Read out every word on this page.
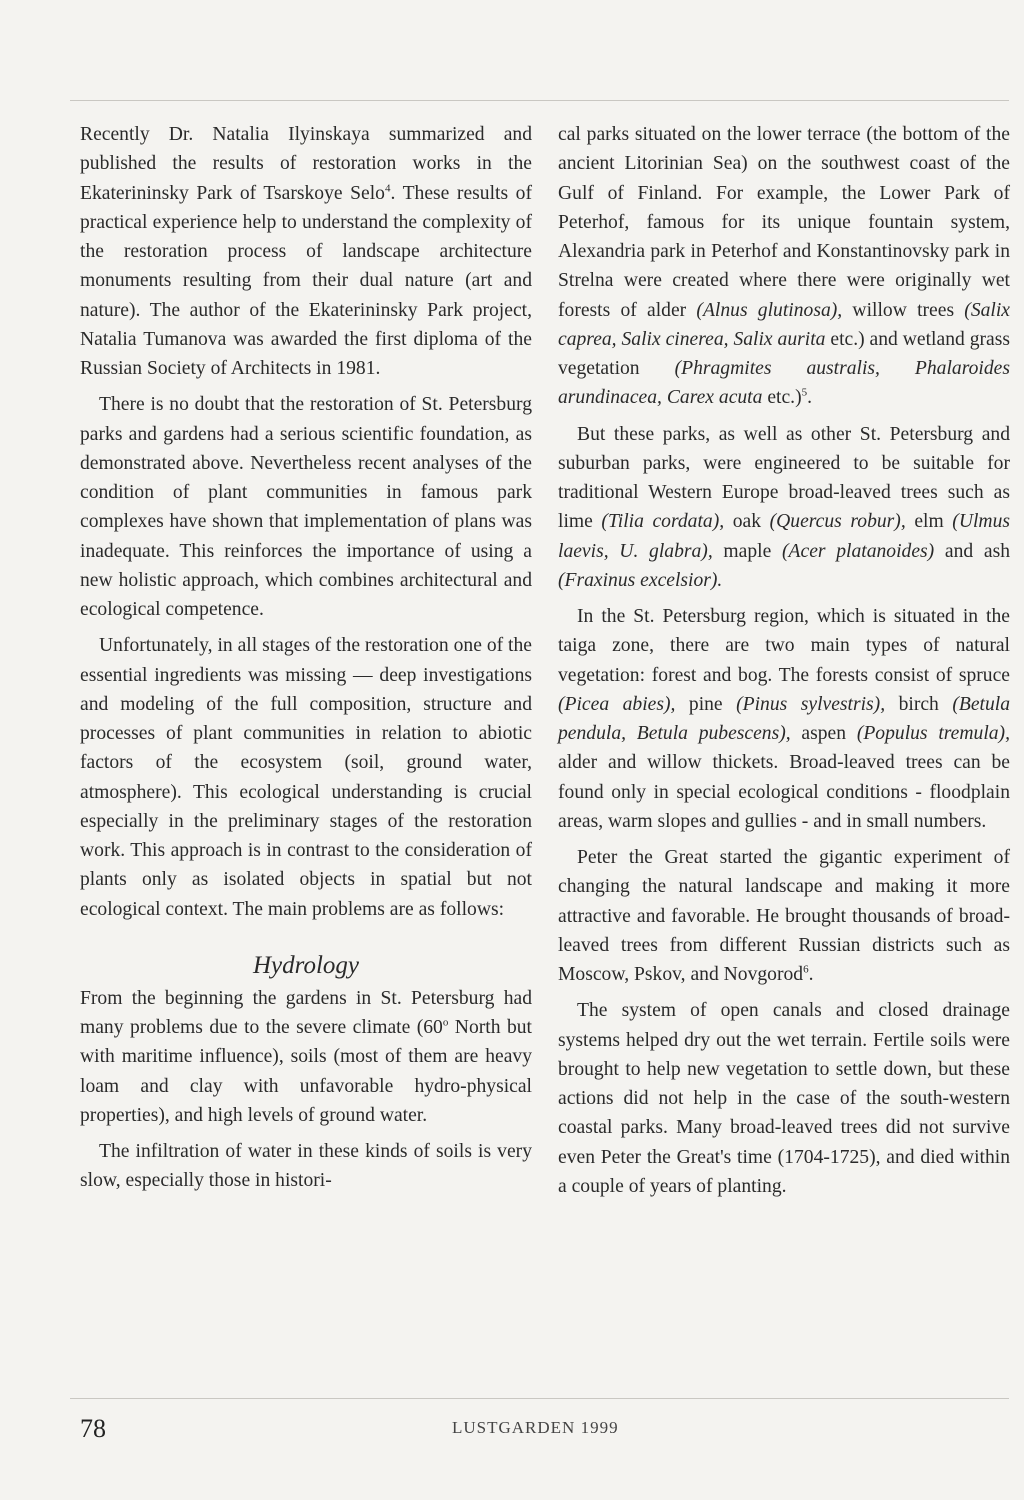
Recently Dr. Natalia Ilyinskaya summarized and published the results of restoration works in the Ekaterininsky Park of Tsarskoye Selo$^4$. These results of practical experience help to understand the complexity of the restoration process of landscape architecture monuments resulting from their dual nature (art and nature). The author of the Ekaterininsky Park project, Natalia Tumanova was awarded the first diploma of the Russian Society of Architects in 1981.

There is no doubt that the restoration of St. Petersburg parks and gardens had a serious scientific foundation, as demonstrated above. Nevertheless recent analyses of the condition of plant communities in famous park complexes have shown that implementation of plans was inadequate. This reinforces the importance of using a new holistic approach, which combines architectural and ecological competence.

Unfortunately, in all stages of the restoration one of the essential ingredients was missing — deep investigations and modeling of the full composition, structure and processes of plant communities in relation to abiotic factors of the ecosystem (soil, ground water, atmosphere). This ecological understanding is crucial especially in the preliminary stages of the restoration work. This approach is in contrast to the consideration of plants only as isolated objects in spatial but not ecological context. The main problems are as follows:

Hydrology

From the beginning the gardens in St. Petersburg had many problems due to the severe climate (60$^o$ North but with maritime influence), soils (most of them are heavy loam and clay with unfavorable hydro-physical properties), and high levels of ground water.

The infiltration of water in these kinds of soils is very slow, especially those in histori-

cal parks situated on the lower terrace (the bottom of the ancient Litorinian Sea) on the southwest coast of the Gulf of Finland. For example, the Lower Park of Peterhof, famous for its unique fountain system, Alexandria park in Peterhof and Konstantinovsky park in Strelna were created where there were originally wet forests of alder (Alnus glutinosa), willow trees (Salix caprea, Salix cinerea, Salix aurita etc.) and wetland grass vegetation (Phragmites australis, Phalaroides arundinacea, Carex acuta etc.)$^5$.

But these parks, as well as other St. Petersburg and suburban parks, were engineered to be suitable for traditional Western Europe broad-leaved trees such as lime (Tilia cordata), oak (Quercus robur), elm (Ulmus laevis, U. glabra), maple (Acer platanoides) and ash (Fraxinus excelsior).

In the St. Petersburg region, which is situated in the taiga zone, there are two main types of natural vegetation: forest and bog. The forests consist of spruce (Picea abies), pine (Pinus sylvestris), birch (Betula pendula, Betula pubescens), aspen (Populus tremula), alder and willow thickets. Broad-leaved trees can be found only in special ecological conditions - floodplain areas, warm slopes and gullies - and in small numbers.

Peter the Great started the gigantic experiment of changing the natural landscape and making it more attractive and favorable. He brought thousands of broad-leaved trees from different Russian districts such as Moscow, Pskov, and Novgorod$^6$.

The system of open canals and closed drainage systems helped dry out the wet terrain. Fertile soils were brought to help new vegetation to settle down, but these actions did not help in the case of the south-western coastal parks. Many broad-leaved trees did not survive even Peter the Great's time (1704-1725), and died within a couple of years of planting.

78	LUSTGARDEN 1999
